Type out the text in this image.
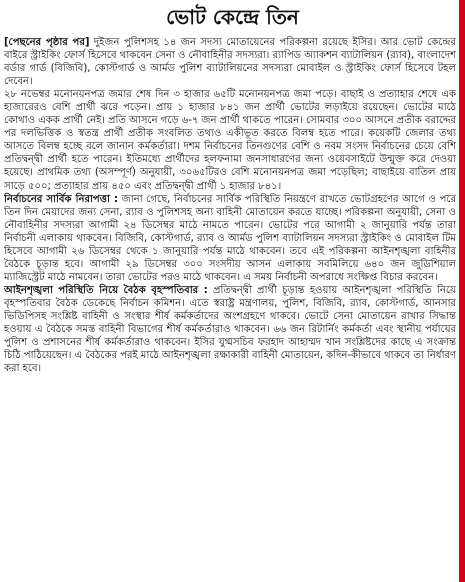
ভোট কেন্দ্রে তিন

[পেছনের পৃষ্ঠার পর] দুইজন পুলিশসহ ১৪ জন সদস্য মোতায়েনের পরিকল্পনা রয়েছে ইসির। আর ভোট কেন্দ্রের বাইরে স্ট্রাইকিং ফোর্স হিসেবে থাকবেন সেনা ও নৌবাহিনীর সদস্যরা। র‍্যাপিড অ্যাকশন ব্যাটালিয়ন (র‍্যাব), বাংলাদেশ বর্ডার গার্ড (বিজিবি), কোস্টগার্ড ও আর্মড পুলিশ ব্যাটালিয়নের সদস্যরা মোবাইল ও স্ট্রাইকিং ফোর্স হিসেবে টহল দেবেন।

২৮ নভেম্বর মনোনয়নপত্র জমার শেষ দিন ৩ হাজার ৬৫টি মনোনয়নপত্র জমা পড়ে। বাছাই ও প্রত্যাহার শেষে এক হাজারেরও বেশি প্রার্থী ঝরে পড়েন। প্রায় ১ হাজার ৮৪১ জন প্রার্থী ভোটের লড়াইয়ে রয়েছেন। ভোটের মাঠে কোথাও একক প্রার্থী নেই। প্রতি আসনে গড়ে ৬-৭ জন প্রার্থী থাকতে পারেন। সোমবার ৩০০ আসনে প্রতীক বরাদ্দের পর দলভিত্তিক ও স্বতন্ত্র প্রার্থী প্রতীক সংবলিত তথ্যও একীভূত করতে বিলম্ব হতে পারে। কয়েকটি জেলার তথ্য আসতে বিলম্ব হচ্ছে বলে জানান কর্মকর্তারা। দশম নির্বাচনের তিনগুণের বেশি ও নবম সংসদ নির্বাচনের চেয়ে বেশি প্রতিদ্বন্দ্বী প্রার্থী হতে পারেন। ইতিমধ্যে প্রার্থীদের হলফনামা জনসাধারণের জন্য ওয়েবসাইটে উন্মুক্ত করে দেওয়া হয়েছে। প্রাথমিক তথ্য (অসম্পূর্ণ) অনুযায়ী, ৩০৬৫টিরও বেশি মনোনয়নপত্র জমা পড়েছিল; বাছাইয়ে বাতিল প্রায় সাড়ে ৫০০; প্রত্যাহার প্রায় ৪৫০ এবং প্রতিদ্বন্দ্বী প্রার্থী ১ হাজার ৮৪১।

নির্বাচনের সার্বিক নিরাপত্তা : জানা গেছে, নির্বাচনের সার্বিক পরিস্থিতি নিয়ন্ত্রণে রাখতে ভোটগ্রহণের আগে ও পরে তিন দিন মেয়াদের জন্য সেনা, র‍্যাব ও পুলিশসহ অন্য বাহিনী মোতায়েন করতে যাচ্ছে। পরিকল্পনা অনুযায়ী, সেনা ও নৌবাহিনীর সদস্যরা আগামী ২৪ ডিসেম্বর মাঠে নামতে পারেন। ভোটের পরে আগামী ২ জানুয়ারি পর্যন্ত তারা নির্বাচনী এলাকায় থাকবেন। বিজিবি, কোস্টগার্ড, র‍্যাব ও আর্মড পুলিশ ব্যাটালিয়ন সদস্যরা স্ট্রাইকিং ও মোবাইল টিম হিসেবে আগামী ২৬ ডিসেম্বর থেকে ১ জানুয়ারি পর্যন্ত মাঠে থাকবেন। তবে এই পরিকল্পনা আইনশৃঙ্খলা বাহিনীর বৈঠকে চূড়ান্ত হবে। আগামী ২৯ ডিসেম্বর ৩০০ সংসদীয় আসন এলাকায় সবমিলিয়ে ৬৪০ জন জুডিশিয়াল ম্যাজিস্ট্রেট মাঠে নামবেন। তারা ভোটের পরও মাঠে থাকবেন। এ সময় নির্বাচনী অপরাধে সংক্ষিপ্ত বিচার করবেন।

আইনশৃঙ্খলা পরিস্থিতি নিয়ে বৈঠক বৃহস্পতিবার : প্রতিদ্বন্দ্বী প্রার্থী চূড়ান্ত হওয়ায় আইনশৃঙ্খলা পরিস্থিতি নিয়ে বৃহস্পতিবার বৈঠক ডেকেছে নির্বাচন কমিশন। এতে স্বরাষ্ট্র মন্ত্রণালয়, পুলিশ, বিজিবি, র‍্যাব, কোস্টগার্ড, আনসার ভিডিপিসহ সংশ্লিষ্ট বাহিনী ও সংস্থার শীর্ষ কর্মকর্তাদের অংশগ্রহণে থাকবে। ভোটে সেনা মোতায়েন রাখার সিদ্ধান্ত হওয়ায় এ বৈঠকে সমস্ত বাহিনী বিভাগের শীর্ষ কর্মকর্তারাও থাকবেন। ৬৬ জন রিটার্নিং কর্মকর্তা এবং স্থানীয় পর্যায়ের পুলিশ ও প্রশাসনের শীর্ষ কর্মকর্তারাও থাকবেন। ইসির যুগ্মসচিব ফরহাদ আহাম্মদ খান সংশ্লিষ্টদের কাছে এ সংক্রান্ত চিঠি পাঠিয়েছেন। এ বৈঠকের পরই মাঠে আইনশৃঙ্খলা রক্ষাকারী বাহিনী মোতায়েন, কদিন-কীভাবে থাকবে তা নির্ধারণ করা হবে।
